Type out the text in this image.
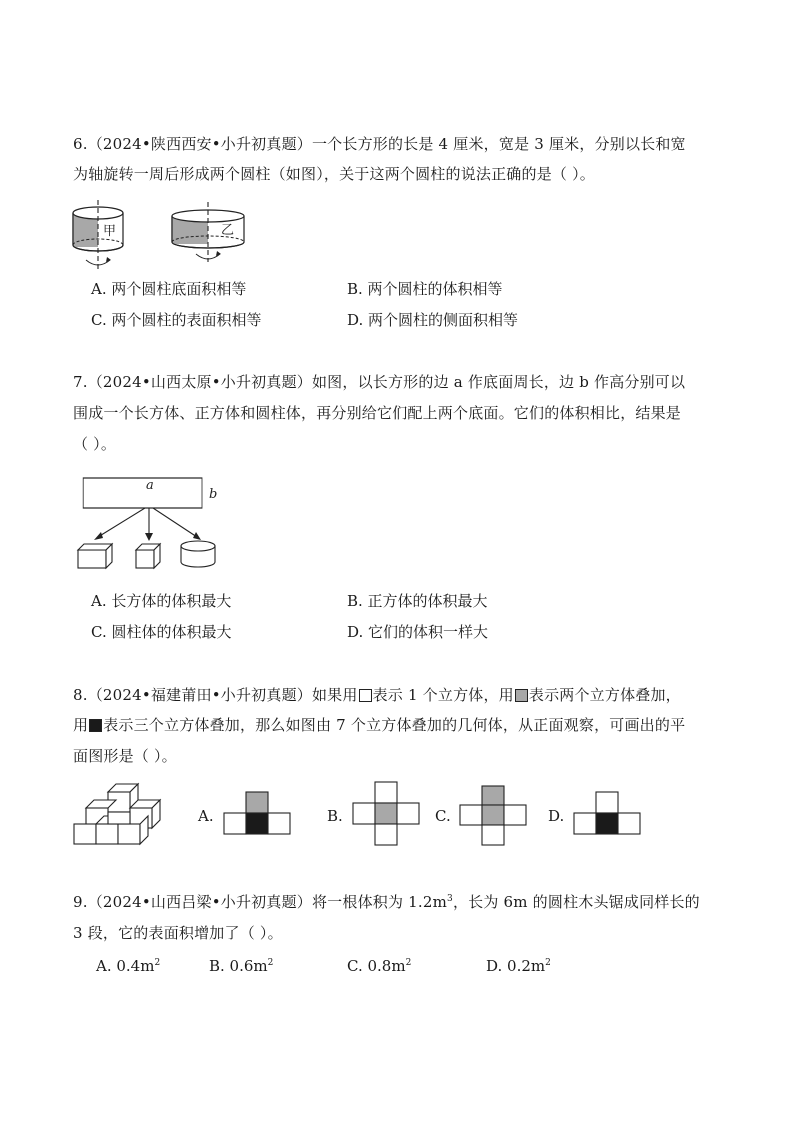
6.（2024•陕西西安•小升初真题）一个长方形的长是 4 厘米，宽是 3 厘米，分别以长和宽
为轴旋转一周后形成两个圆柱（如图），关于这两个圆柱的说法正确的是（ ）。
甲	乙
A. 两个圆柱底面积相等	B. 两个圆柱的体积相等
C. 两个圆柱的表面积相等	D. 两个圆柱的侧面积相等
7.（2024•山西太原•小升初真题）如图，以长方形的边 a 作底面周长，边 b 作高分别可以
围成一个长方体、正方体和圆柱体，再分别给它们配上两个底面。它们的体积相比，结果是
（ ）。
a
b
A. 长方体的体积最大	B. 正方体的体积最大
C. 圆柱体的体积最大	D. 它们的体积一样大
8.（2024•福建莆田•小升初真题）如果用 表示 1 个立方体，用 表示两个立方体叠加，
用 表示三个立方体叠加，那么如图由 7 个立方体叠加的几何体，从正面观察，可画出的平
面图形是（ ）。
A.	B.	C.	D.
9.（2024•山西吕梁•小升初真题）将一根体积为 $1.2m^3$，长为 6m 的圆柱木头锯成同样长的
3 段，它的表面积增加了（ ）。
A. $0.4m^2$	B. $0.6m^2$	C. $0.8m^2$	D. $0.2m^2$
